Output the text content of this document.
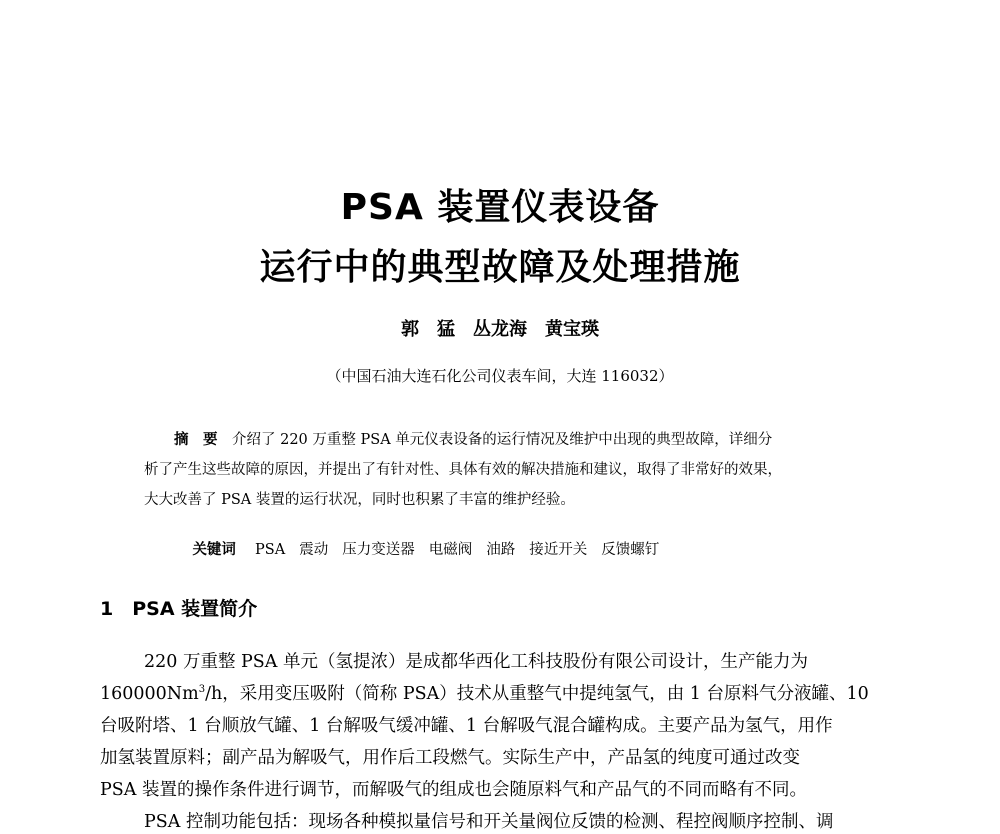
PSA 装置仪表设备
运行中的典型故障及处理措施
郭　猛　丛龙海　黄宝瑛
（中国石油大连石化公司仪表车间，大连 116032）
摘　要　 介绍了 220 万重整 PSA 单元仪表设备的运行情况及维护中出现的典型故障，详细分
析了产生这些故障的原因，并提出了有针对性、具体有效的解决措施和建议，取得了非常好的效果，
大大改善了 PSA 装置的运行状况，同时也积累了丰富的维护经验。

关键词　 PSA 震动 压力变送器 电磁阀 油路 接近开关 反馈螺钉

1　PSA 装置简介
220 万重整 PSA 单元（氢提浓）是成都华西化工科技股份有限公司设计，生产能力为
160000Nm$^3$/h，采用变压吸附（简称 PSA）技术从重整气中提纯氢气，由 1 台原料气分液罐、10
台吸附塔、1 台顺放气罐、1 台解吸气缓冲罐、1 台解吸气混合罐构成。主要产品为氢气，用作
加氢装置原料；副产品为解吸气，用作后工段燃气。实际生产中，产品氢的纯度可通过改变
PSA 装置的操作条件进行调节，而解吸气的组成也会随原料气和产品气的不同而略有不同。
PSA 控制功能包括：现场各种模拟量信号和开关量阀位反馈的检测、程控阀顺序控制、调
